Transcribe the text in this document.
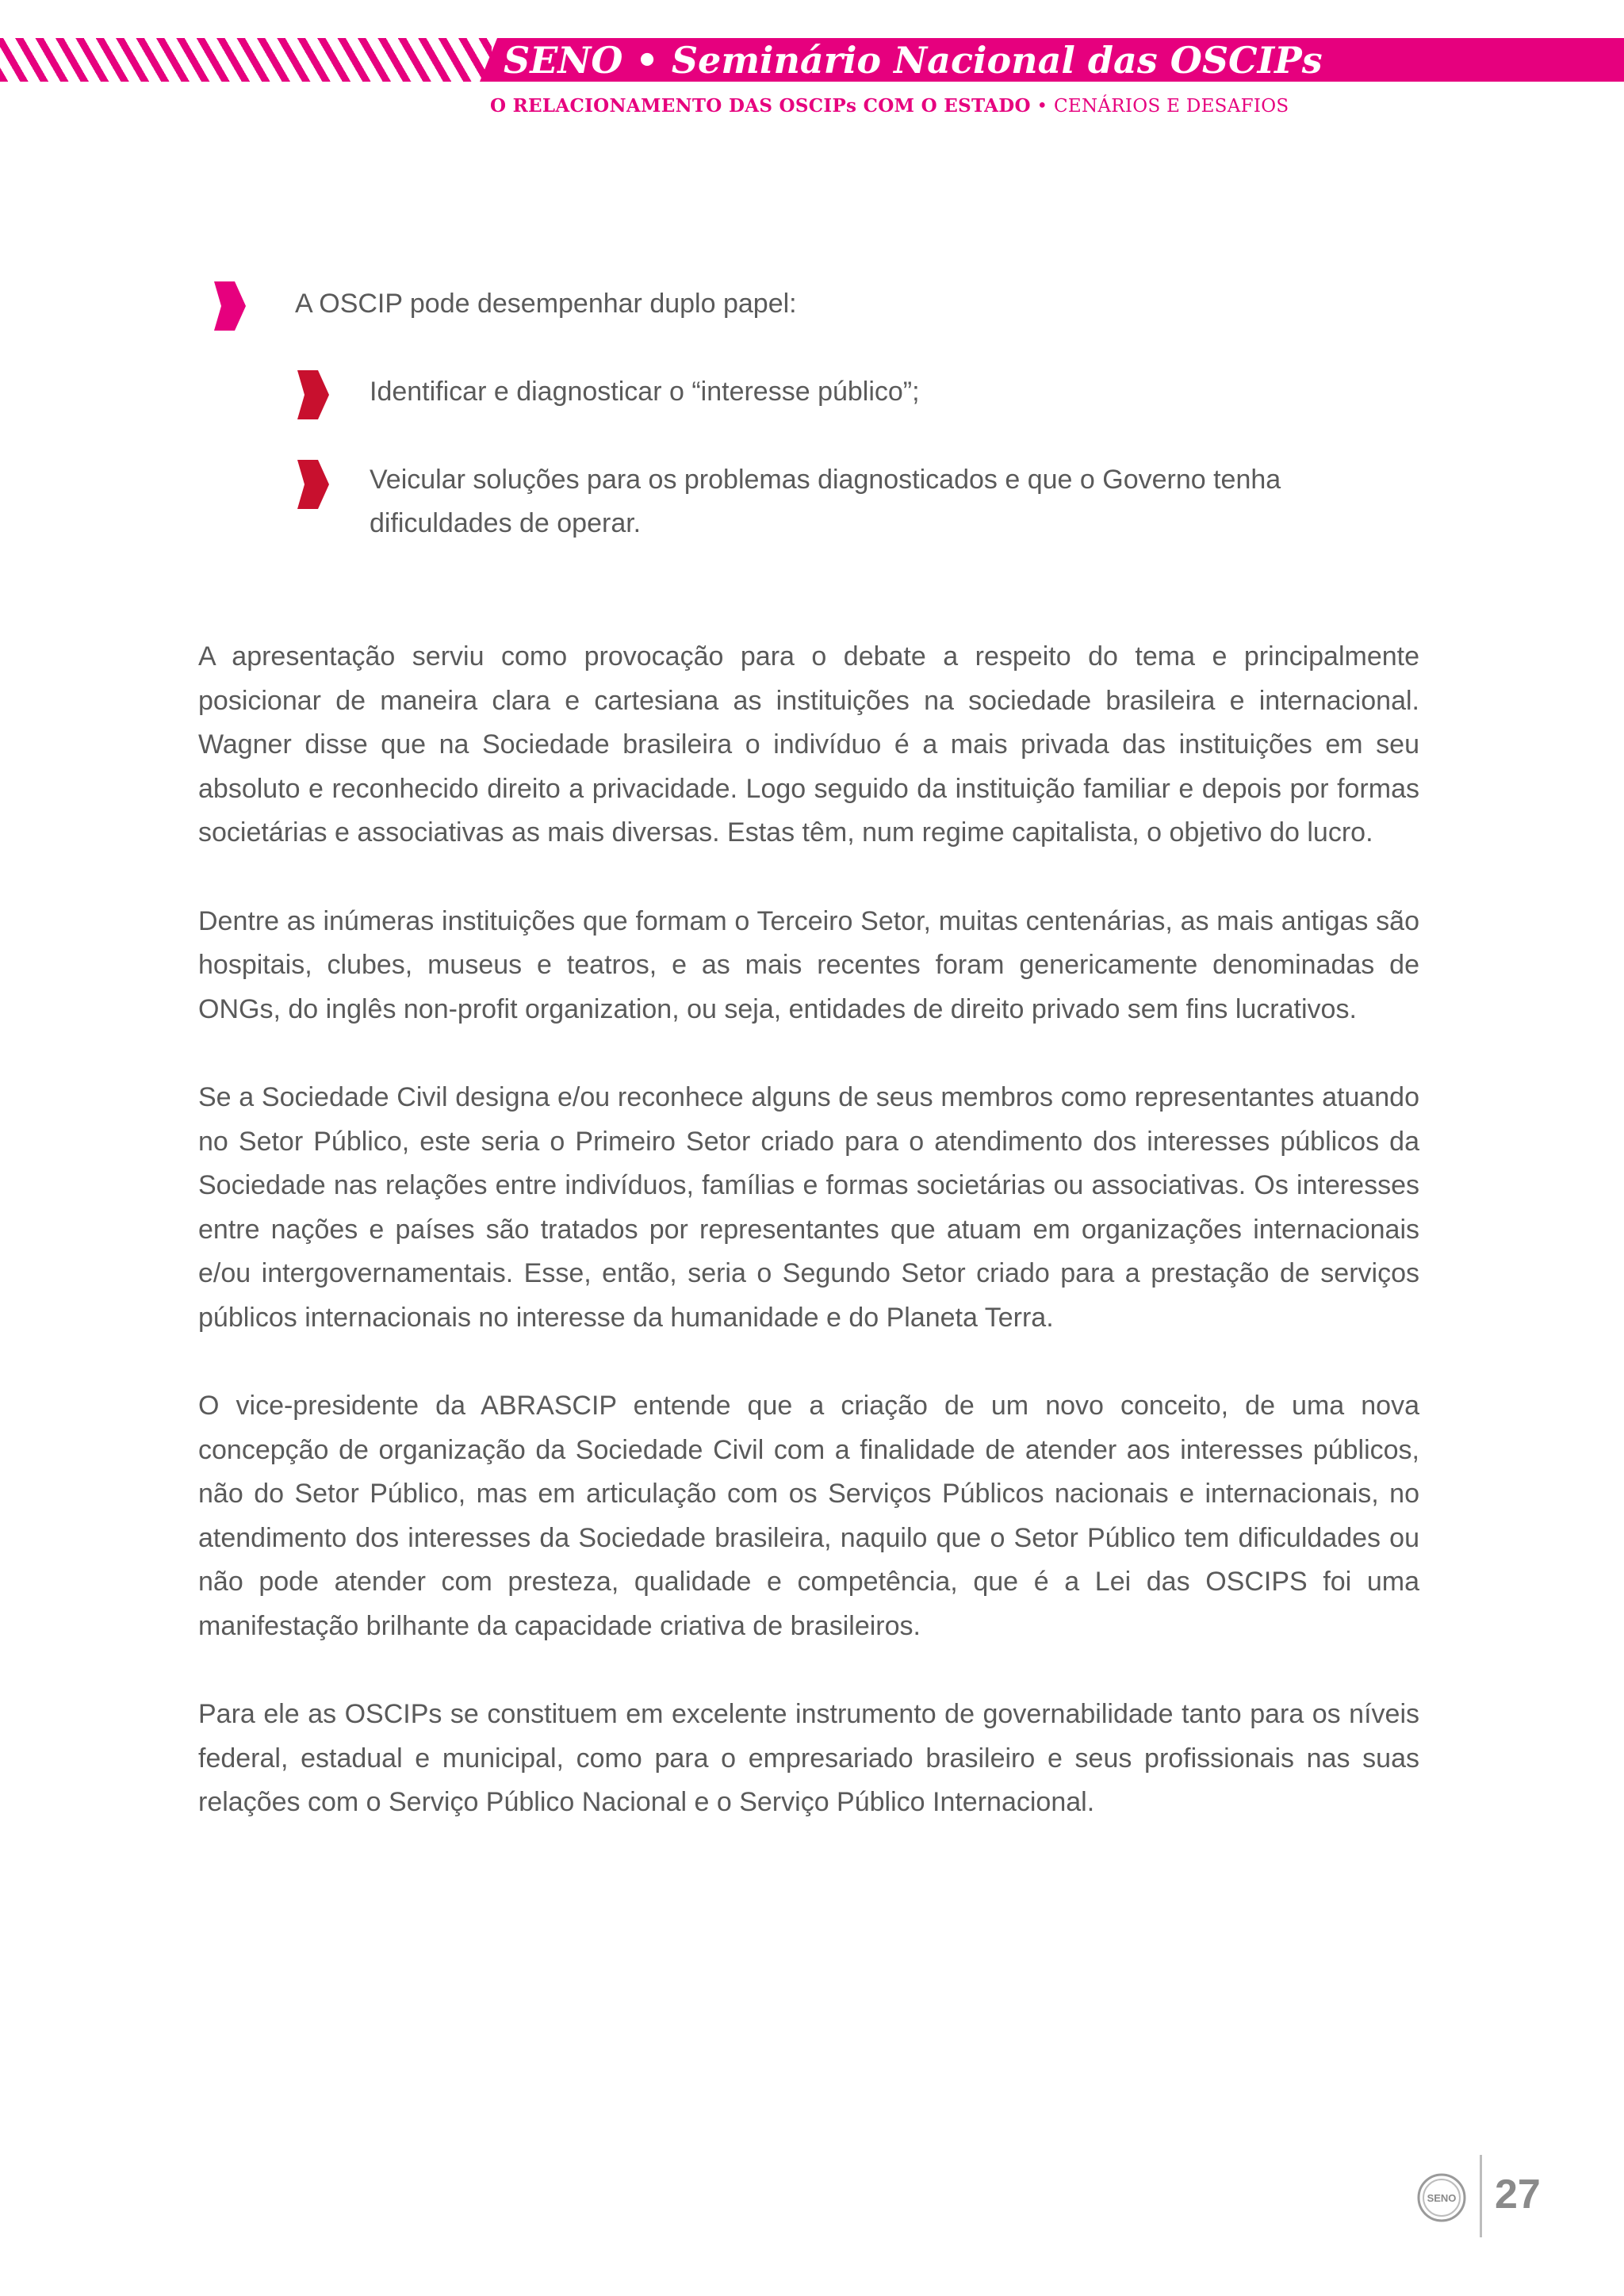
SENO • Seminário Nacional das OSCIPs
O RELACIONAMENTO DAS OSCIPs COM O ESTADO • CENÁRIOS E DESAFIOS
A OSCIP pode desempenhar duplo papel:
Identificar e diagnosticar o “interesse público”;
Veicular soluções para os problemas diagnosticados e que o Governo tenha
dificuldades de operar.

A apresentação serviu como provocação para o debate a respeito do tema e principalmente posicionar de maneira clara e cartesiana as instituições na sociedade brasileira e internacional. Wagner disse que na Sociedade brasileira o indivíduo é a mais privada das instituições em seu absoluto e reconhecido direito a privacidade. Logo seguido da instituição familiar e depois por formas societárias e associativas as mais diversas. Estas têm, num regime capitalista, o objetivo do lucro.

Dentre as inúmeras instituições que formam o Terceiro Setor, muitas centenárias, as mais antigas são hospitais, clubes, museus e teatros, e as mais recentes foram genericamente denominadas de ONGs, do inglês non-profit organization, ou seja, entidades de direito privado sem fins lucrativos.

Se a Sociedade Civil designa e/ou reconhece alguns de seus membros como representantes atuando no Setor Público, este seria o Primeiro Setor criado para o atendimento dos interesses públicos da Sociedade nas relações entre indivíduos, famílias e formas societárias ou associativas. Os interesses entre nações e países são tratados por representantes que atuam em organizações internacionais e/ou intergovernamentais. Esse, então, seria o Segundo Setor criado para a prestação de serviços públicos internacionais no interesse da humanidade e do Planeta Terra.

O vice-presidente da ABRASCIP entende que a criação de um novo conceito, de uma nova concepção de organização da Sociedade Civil com a finalidade de atender aos interesses públicos, não do Setor Público, mas em articulação com os Serviços Públicos nacionais e internacionais, no atendimento dos interesses da Sociedade brasileira, naquilo que o Setor Público tem dificuldades ou não pode atender com presteza, qualidade e competência, que é a Lei das OSCIPS foi uma manifestação brilhante da capacidade criativa de brasileiros.

Para ele as OSCIPs se constituem em excelente instrumento de governabilidade tanto para os níveis federal, estadual e municipal, como para o empresariado brasileiro e seus profissionais nas suas relações com o Serviço Público Nacional e o Serviço Público Internacional.

SENO 27
